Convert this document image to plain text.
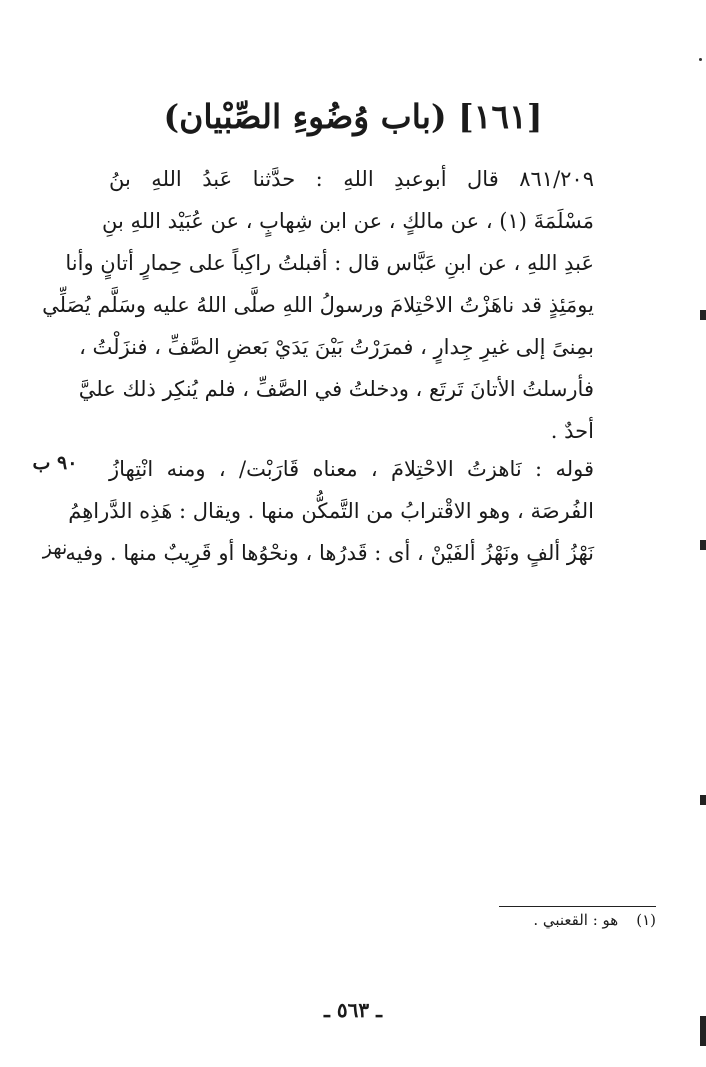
[١٦١] (باب وُضُوءِ الصِّبْيان)
٨٦١/٢٠٩ قال أبوعبدِ اللهِ : حدَّثنا عَبدُ اللهِ بنُ
مَسْلَمَةَ (١) ، عن مالكٍ ، عن ابن شِهابٍ ، عن عُبَيْد اللهِ بنِ
عَبدِ اللهِ ، عن ابنِ عَبَّاس قال : أقبلتُ راكِباً على حِمارٍ أتانٍ وأنا
يومَئِذٍ قد ناهَزْتُ الاحْتِلامَ ورسولُ اللهِ صلَّى اللهُ عليه وسَلَّم يُصَلِّي
بمِنىً إلى غيرِ جِدارٍ ، فمرَرْتُ بَيْنَ يَدَيْ بَعضِ الصَّفِّ ، فنزَلْتُ ،
فأرسلتُ الأتانَ تَرتَع ، ودخلتُ في الصَّفِّ ، فلم يُنكِر ذلك عليَّ
أحدٌ .
قوله : نَاهزتُ الاحْتِلامَ ، معناه قَارَبْت/ ، ومنه انْتِهازُ
الفُرصَة ، وهو الاقْترابُ من التَّمكُّن منها . ويقال : هَذِه الدَّراهِمُ
نَهْزُ ألفٍ ونَهْزُ ألفَيْنْ ، أى : قَدرُها ، ونحْوُها أو قَرِيبٌ منها . وفيه
٩٠ ب
نهز
(١)هو : القعنبي .
ـ ٥٦٣ ـ
